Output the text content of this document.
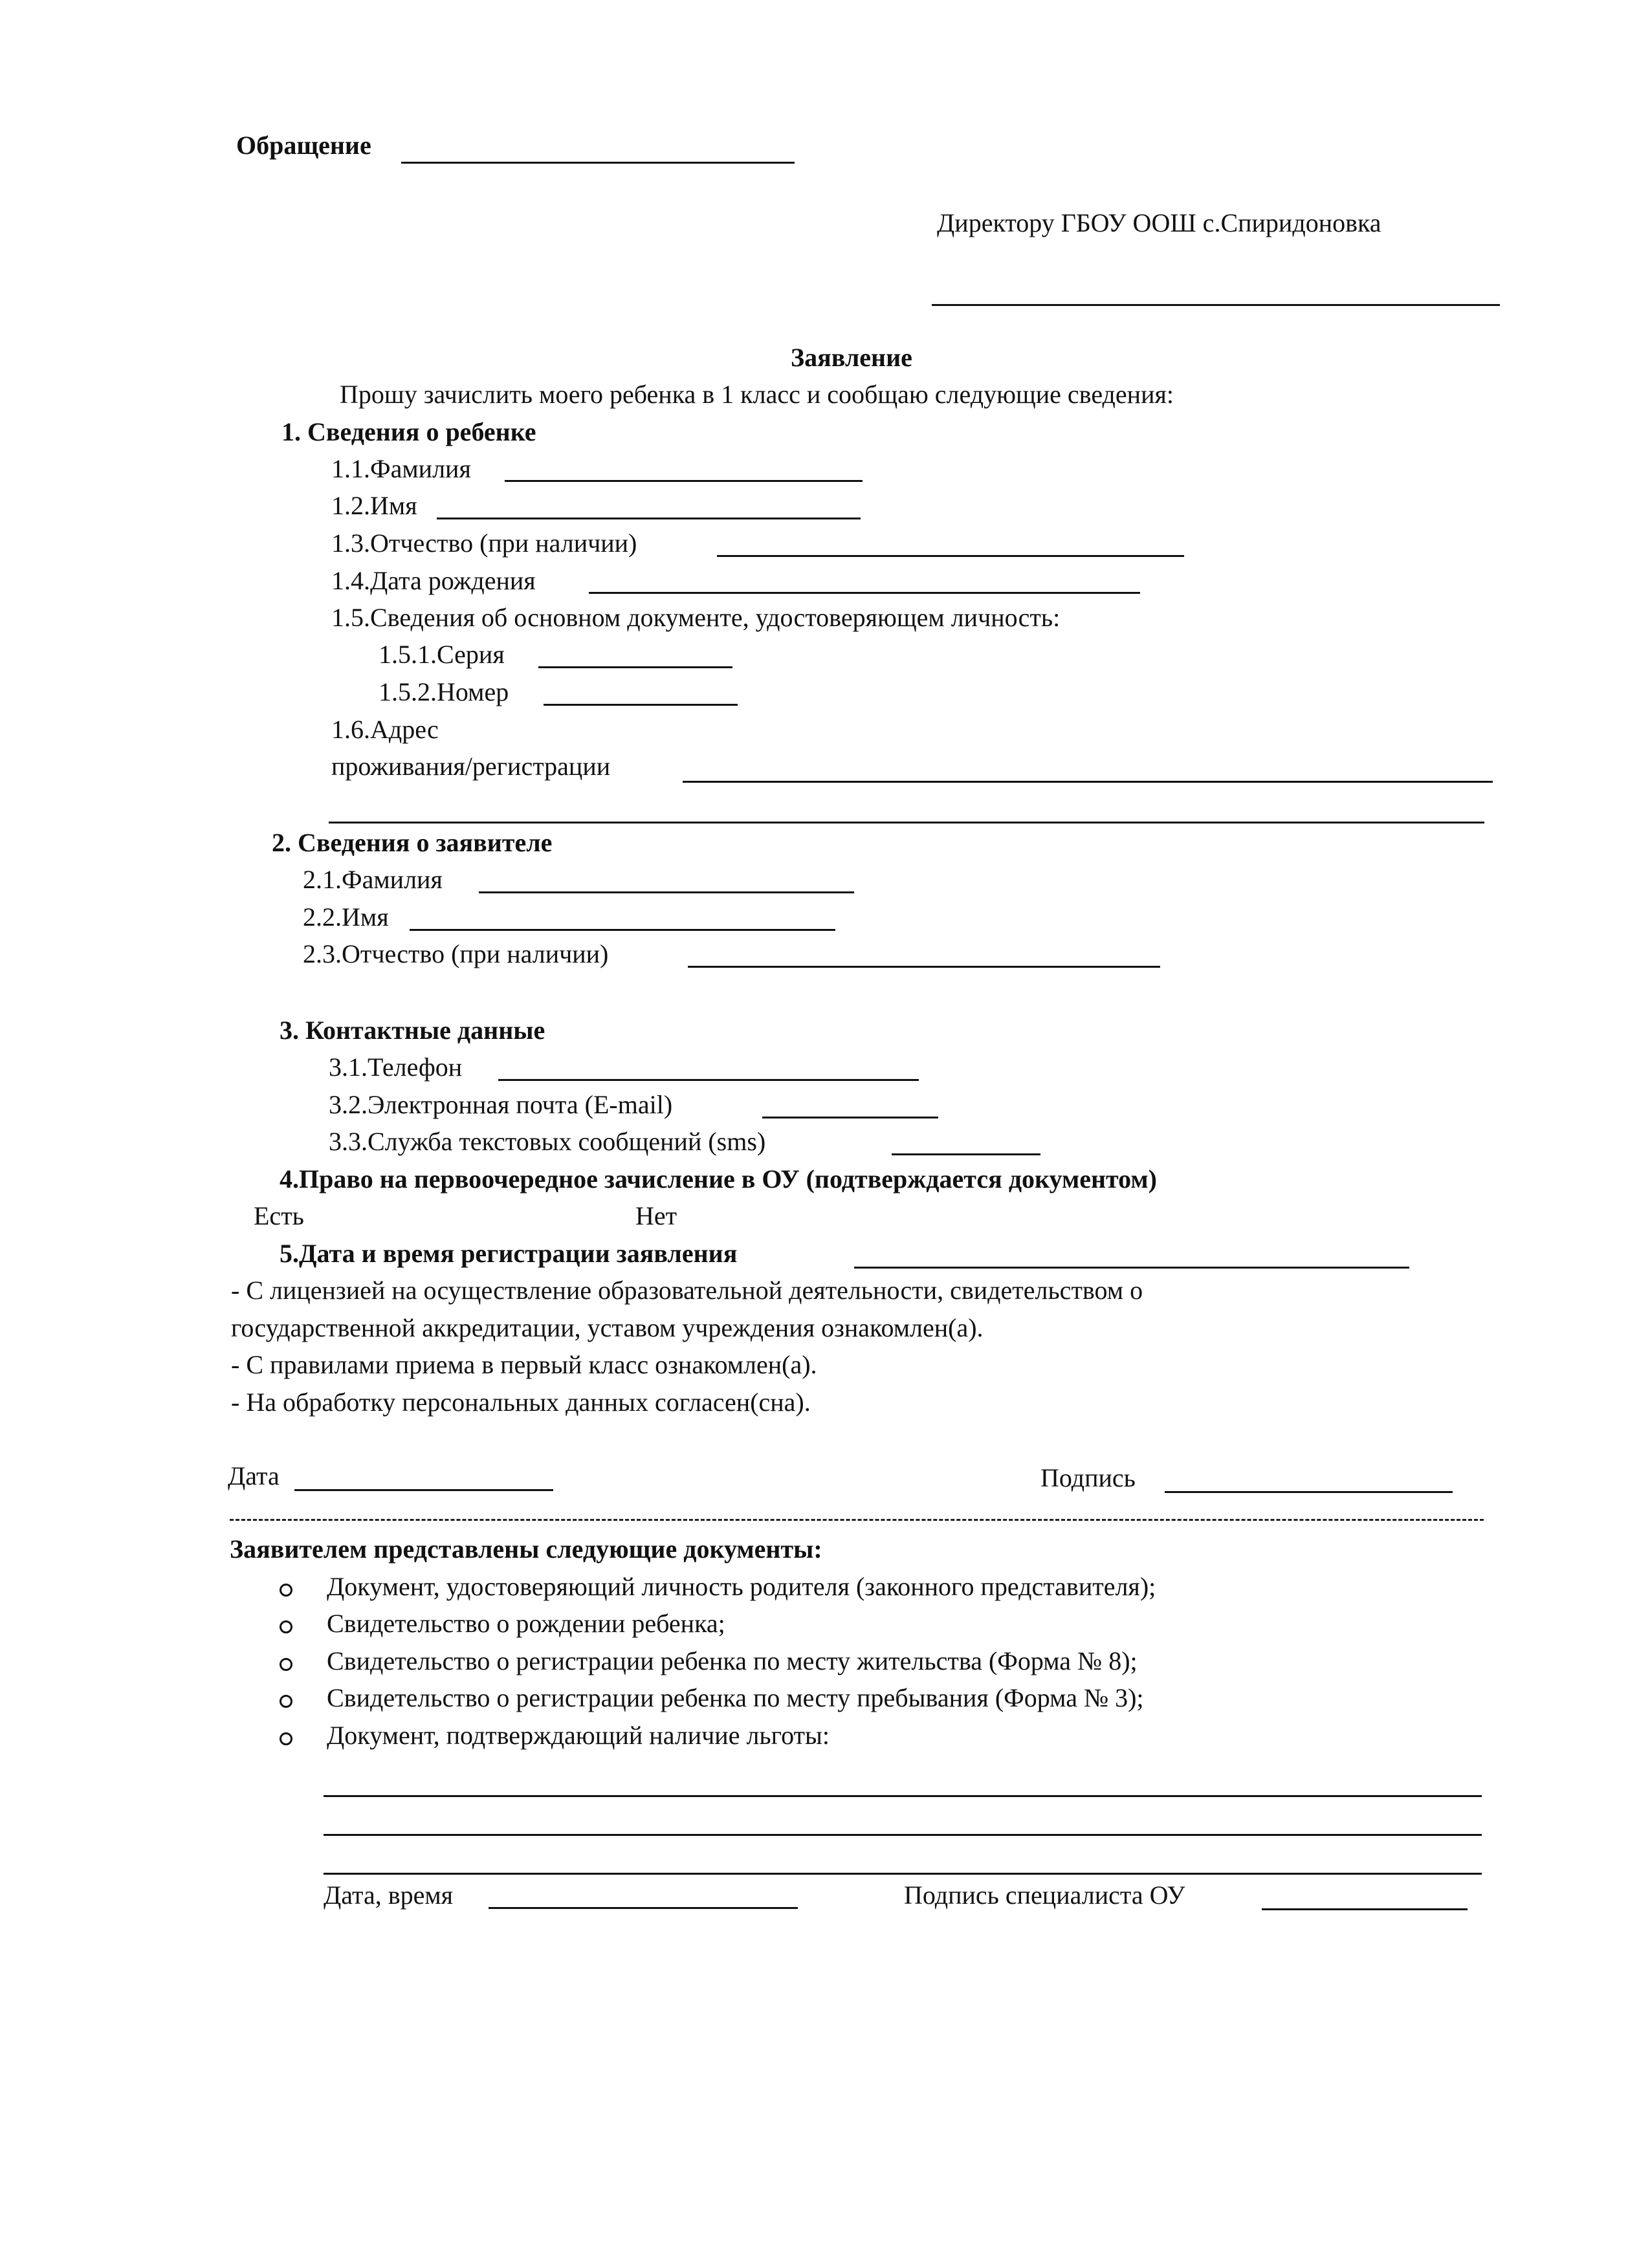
Обращение
Директору ГБОУ ООШ с.Спиридоновка
Заявление
Прошу зачислить моего ребенка в 1 класс и сообщаю следующие сведения:
1. Сведения о ребенке
1.1.Фамилия
1.2.Имя
1.3.Отчество (при наличии)
1.4.Дата рождения
1.5.Сведения об основном документе, удостоверяющем личность:
1.5.1.Серия
1.5.2.Номер
1.6.Адрес
проживания/регистрации
2. Сведения о заявителе
2.1.Фамилия
2.2.Имя
2.3.Отчество (при наличии)
3. Контактные данные
3.1.Телефон
3.2.Электронная почта (E-mail)
3.3.Служба текстовых сообщений (sms)
4.Право на первоочередное зачисление в ОУ (подтверждается документом)
Есть	Нет
5.Дата и время регистрации заявления
- С лицензией на осуществление образовательной деятельности, свидетельством о
государственной аккредитации, уставом учреждения ознакомлен(а).
- С правилами приема в первый класс ознакомлен(а).
- На обработку персональных данных согласен(сна).
Дата	Подпись
Заявителем представлены следующие документы:
Документ, удостоверяющий личность родителя (законного представителя);
Свидетельство о рождении ребенка;
Свидетельство о регистрации ребенка по месту жительства (Форма № 8);
Свидетельство о регистрации ребенка по месту пребывания (Форма № 3);
Документ, подтверждающий наличие льготы:
Дата, время	Подпись специалиста ОУ
